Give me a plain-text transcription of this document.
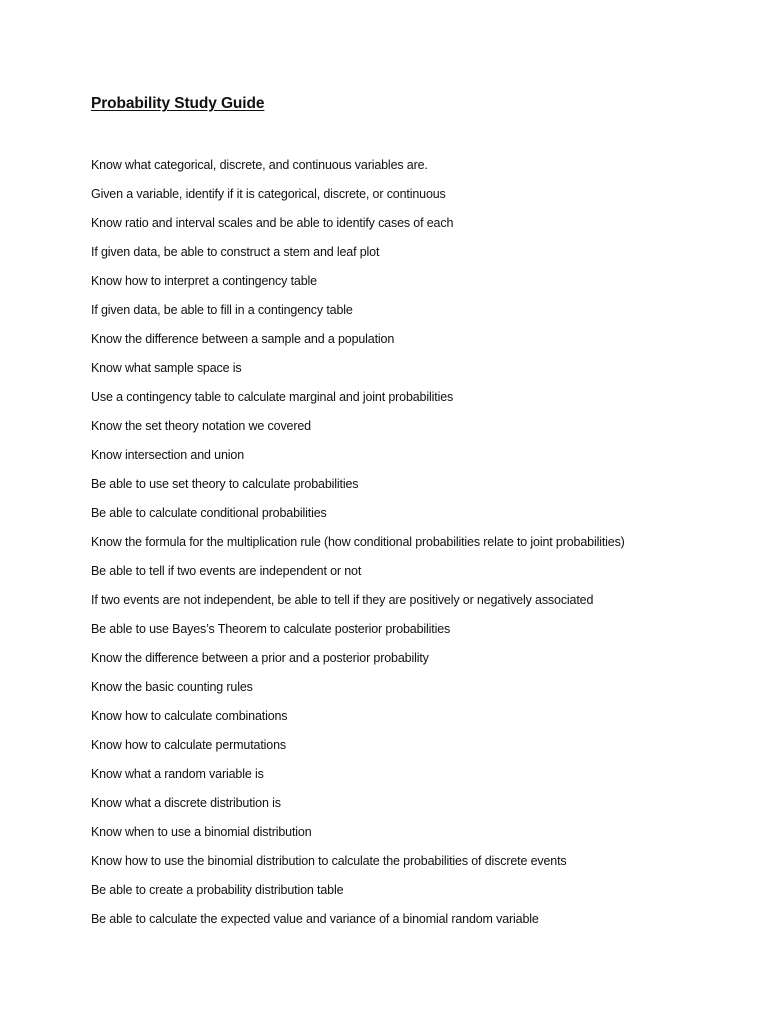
Probability Study Guide
Know what categorical, discrete, and continuous variables are.
Given a variable, identify if it is categorical, discrete, or continuous
Know ratio and interval scales and be able to identify cases of each
If given data, be able to construct a stem and leaf plot
Know how to interpret a contingency table
If given data, be able to fill in a contingency table
Know the difference between a sample and a population
Know what sample space is
Use a contingency table to calculate marginal and joint probabilities
Know the set theory notation we covered
Know intersection and union
Be able to use set theory to calculate probabilities
Be able to calculate conditional probabilities
Know the formula for the multiplication rule (how conditional probabilities relate to joint probabilities)
Be able to tell if two events are independent or not
If two events are not independent, be able to tell if they are positively or negatively associated
Be able to use Bayes’s Theorem to calculate posterior probabilities
Know the difference between a prior and a posterior probability
Know the basic counting rules
Know how to calculate combinations
Know how to calculate permutations
Know what a random variable is
Know what a discrete distribution is
Know when to use a binomial distribution
Know how to use the binomial distribution to calculate the probabilities of discrete events
Be able to create a probability distribution table
Be able to calculate the expected value and variance of a binomial random variable
